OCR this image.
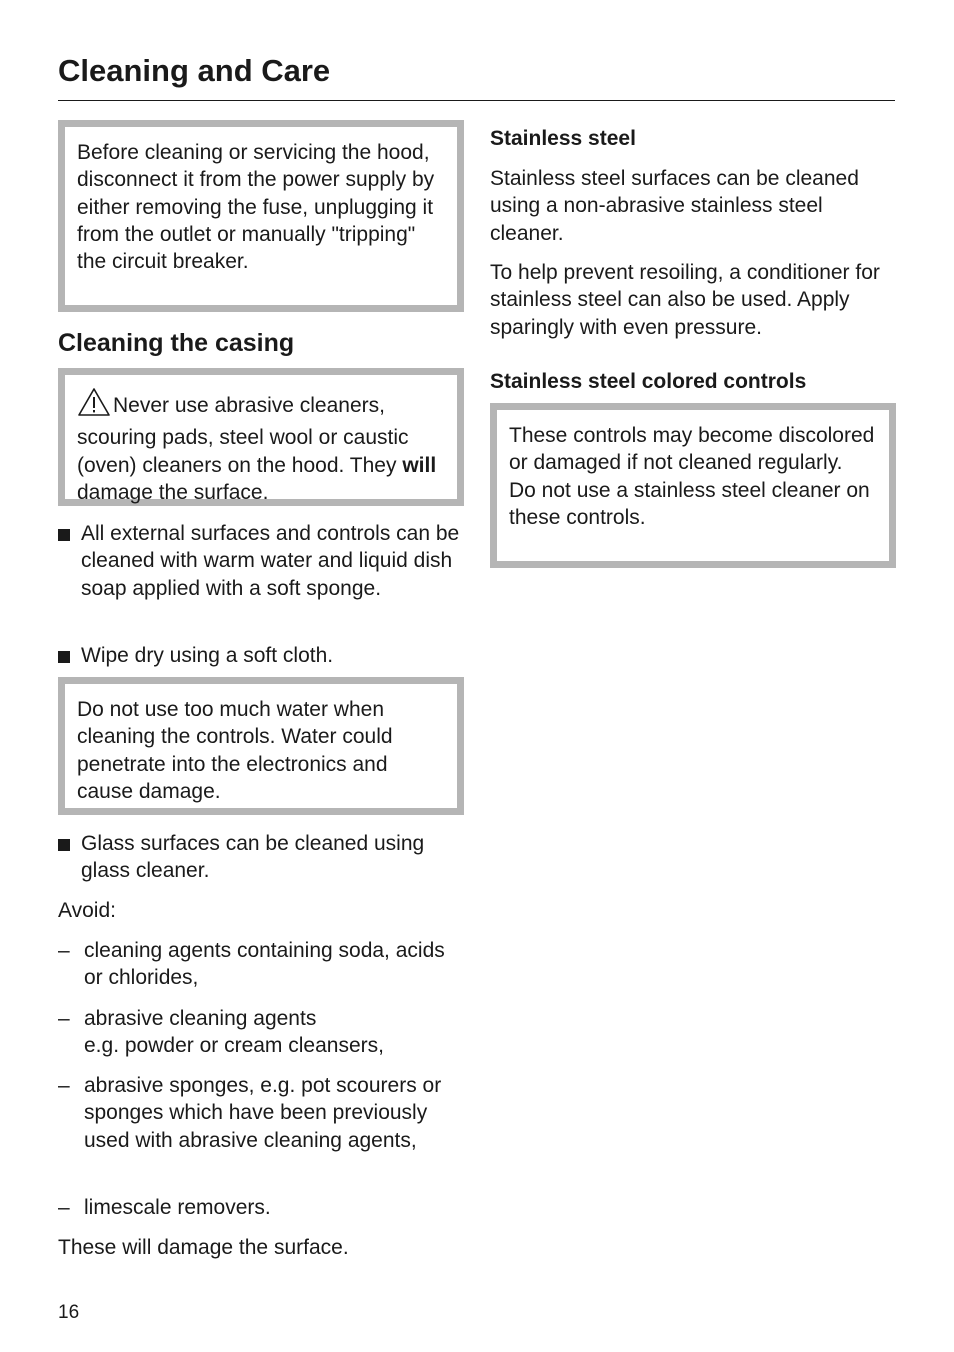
Cleaning and Care
Before cleaning or servicing the hood, disconnect it from the power supply by either removing the fuse, unplugging it from the outlet or manually "tripping" the circuit breaker.
Cleaning the casing
Never use abrasive cleaners, scouring pads, steel wool or caustic (oven) cleaners on the hood. They will damage the surface.
All external surfaces and controls can be cleaned with warm water and liquid dish soap applied with a soft sponge.
Wipe dry using a soft cloth.
Do not use too much water when cleaning the controls. Water could penetrate into the electronics and cause damage.
Glass surfaces can be cleaned using glass cleaner.

Avoid:

– cleaning agents containing soda, acids or chlorides,
– abrasive cleaning agents
e.g. powder or cream cleansers,
– abrasive sponges, e.g. pot scourers or sponges which have been previously used with abrasive cleaning agents,
– limescale removers.

These will damage the surface.

Stainless steel

Stainless steel surfaces can be cleaned using a non-abrasive stainless steel cleaner.

To help prevent resoiling, a conditioner for stainless steel can also be used. Apply sparingly with even pressure.

Stainless steel colored controls
These controls may become discolored or damaged if not cleaned regularly.
Do not use a stainless steel cleaner on these controls.

16
